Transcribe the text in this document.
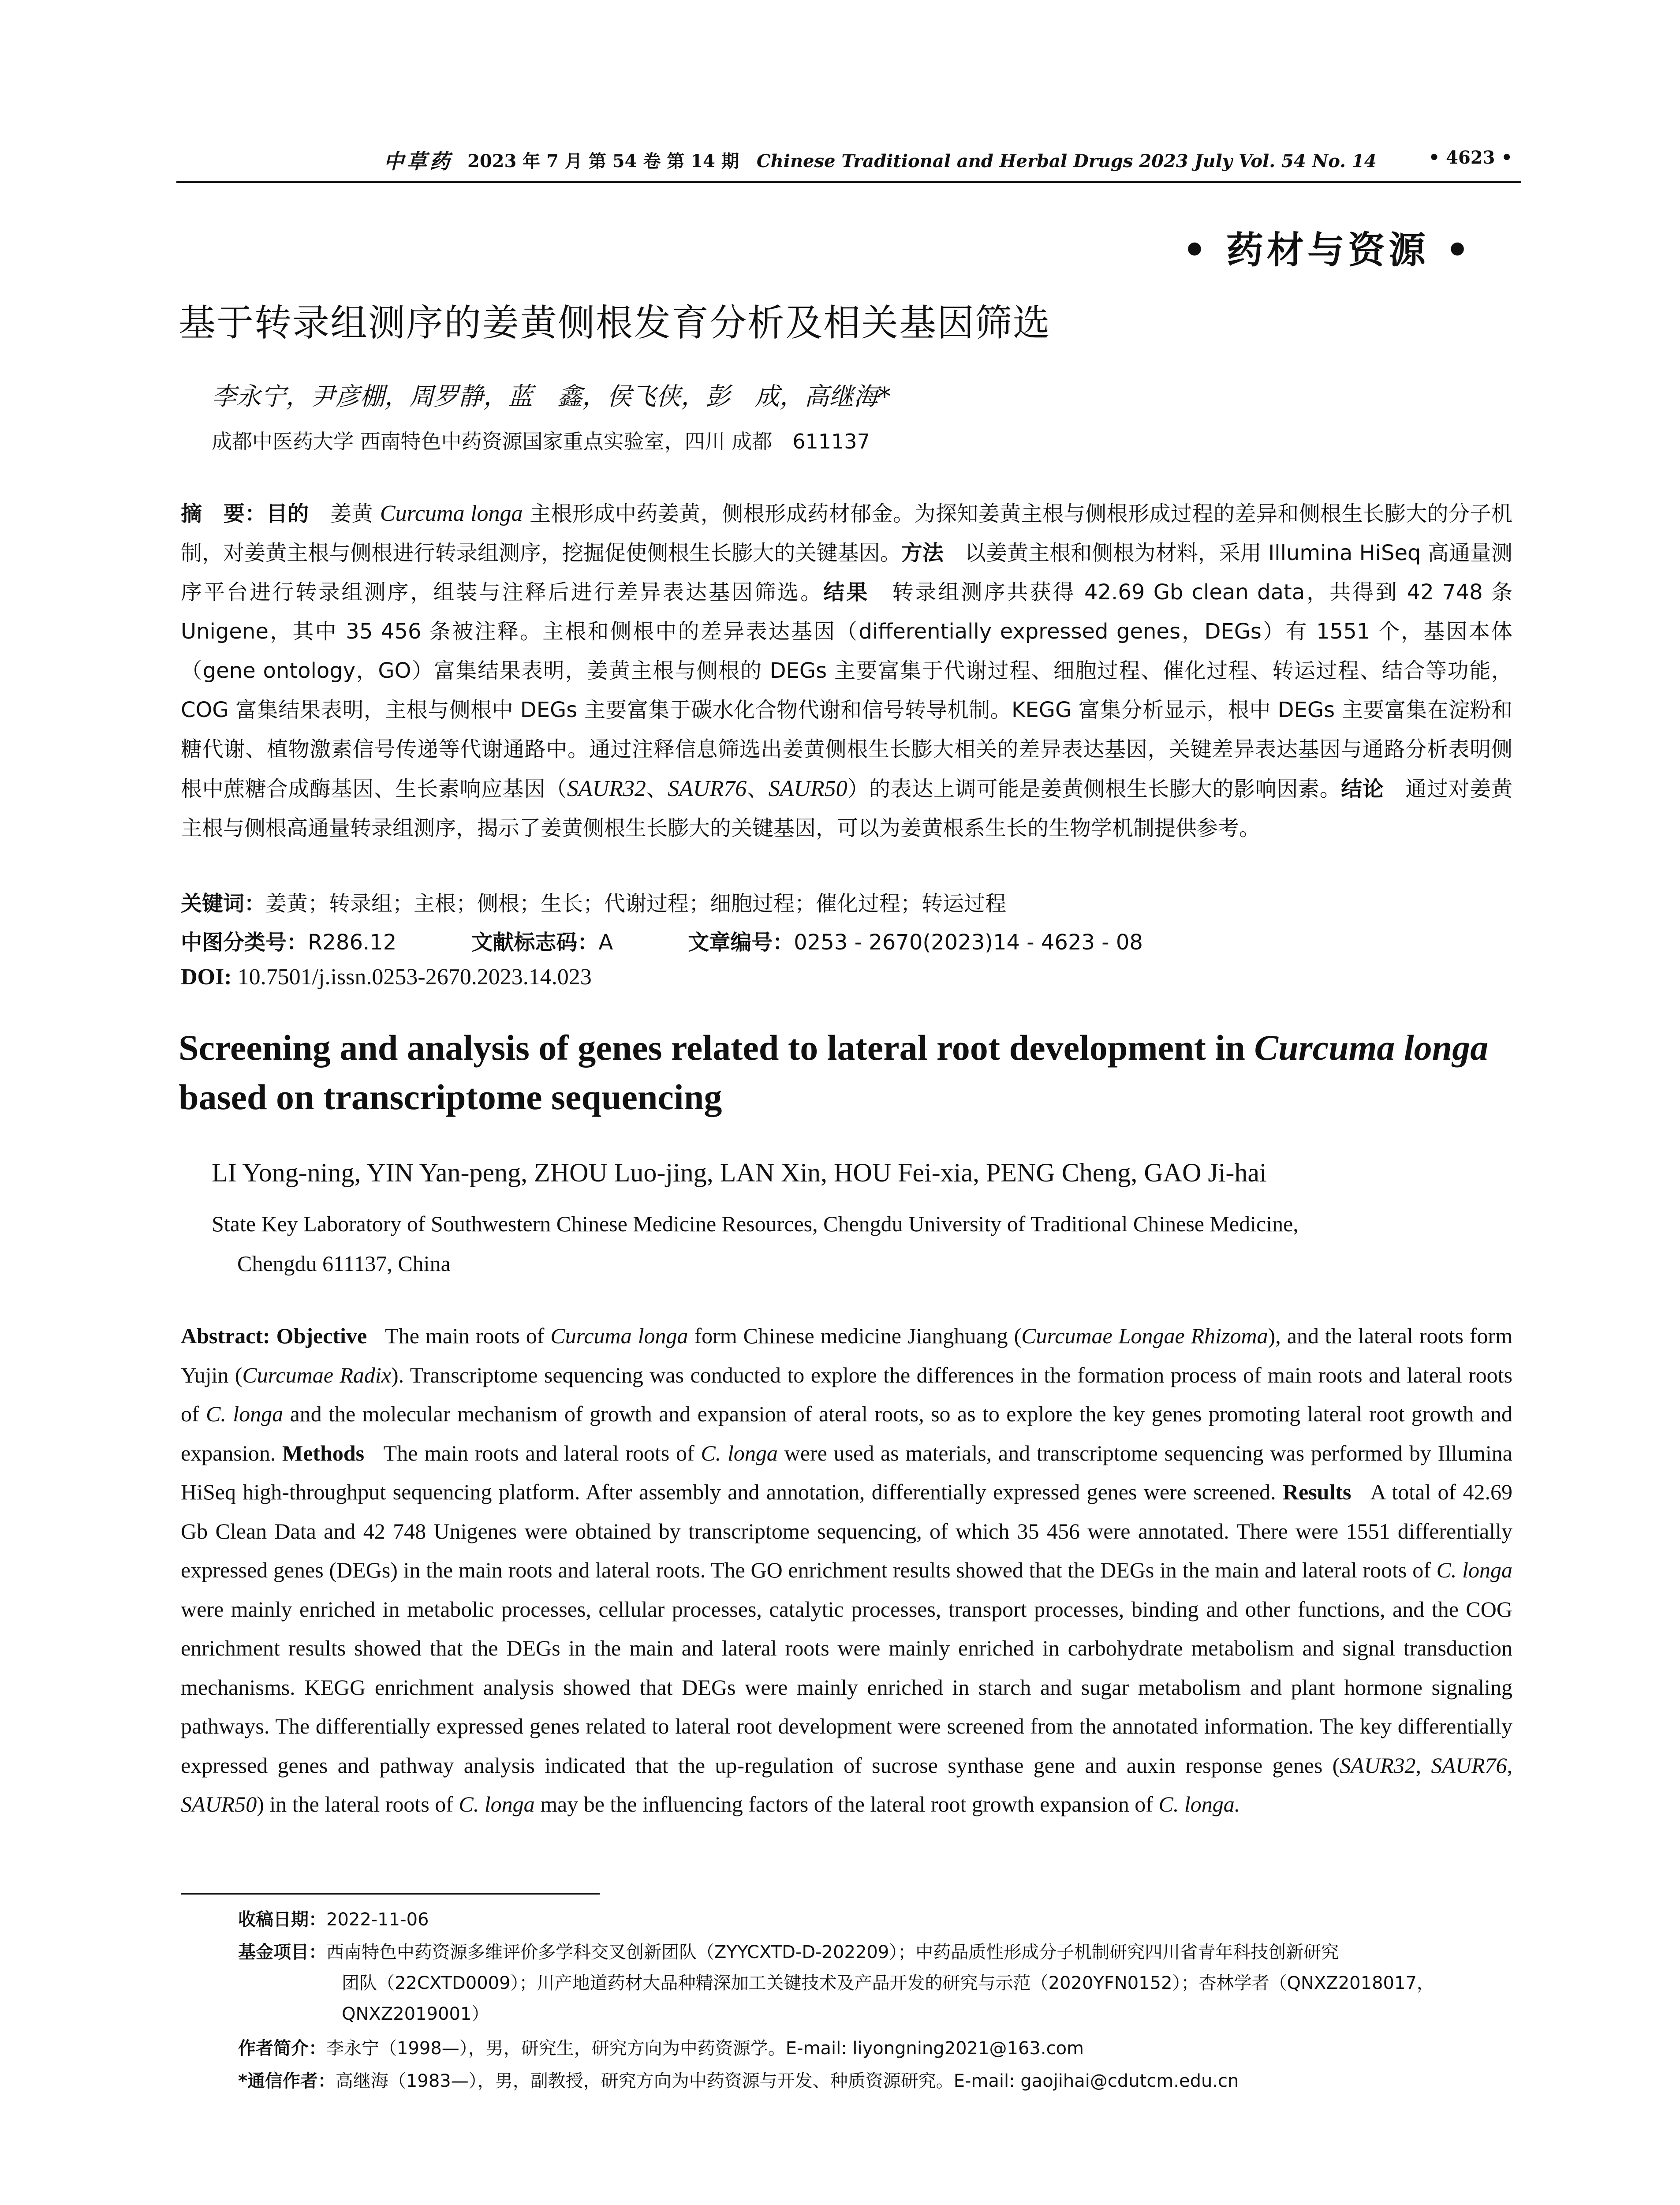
中草药 2023 年 7 月 第 54 卷 第 14 期　 Chinese Traditional and Herbal Drugs 2023 July Vol. 54 No. 14	• 4623 •
• 药材与资源 •
基于转录组测序的姜黄侧根发育分析及相关基因筛选
李永宁，尹彦棚，周罗静，蓝　鑫，侯飞侠，彭　成，高继海*
成都中医药大学 西南特色中药资源国家重点实验室，四川 成都　611137
摘　要：目的　姜黄 Curcuma longa 主根形成中药姜黄，侧根形成药材郁金。为探知姜黄主根与侧根形成过程的差异和侧根生长膨大的分子机制，对姜黄主根与侧根进行转录组测序，挖掘促使侧根生长膨大的关键基因。方法　以姜黄主根和侧根为材料，采用 Illumina HiSeq 高通量测序平台进行转录组测序，组装与注释后进行差异表达基因筛选。结果　转录组测序共获得 42.69 Gb clean data，共得到 42 748 条 Unigene，其中 35 456 条被注释。主根和侧根中的差异表达基因（differentially expressed genes，DEGs）有 1551 个，基因本体（gene ontology，GO）富集结果表明，姜黄主根与侧根的 DEGs 主要富集于代谢过程、细胞过程、催化过程、转运过程、结合等功能，COG 富集结果表明，主根与侧根中 DEGs 主要富集于碳水化合物代谢和信号转导机制。KEGG 富集分析显示，根中 DEGs 主要富集在淀粉和糖代谢、植物激素信号传递等代谢通路中。通过注释信息筛选出姜黄侧根生长膨大相关的差异表达基因，关键差异表达基因与通路分析表明侧根中蔗糖合成酶基因、生长素响应基因（SAUR32、SAUR76、SAUR50）的表达上调可能是姜黄侧根生长膨大的影响因素。结论　通过对姜黄主根与侧根高通量转录组测序，揭示了姜黄侧根生长膨大的关键基因，可以为姜黄根系生长的生物学机制提供参考。
关键词：姜黄；转录组；主根；侧根；生长；代谢过程；细胞过程；催化过程；转运过程
中图分类号：R286.12	文献标志码：A	文章编号：0253 - 2670(2023)14 - 4623 - 08
DOI: 10.7501/j.issn.0253-2670.2023.14.023
Screening and analysis of genes related to lateral root development in Curcuma longa based on transcriptome sequencing
LI Yong-ning, YIN Yan-peng, ZHOU Luo-jing, LAN Xin, HOU Fei-xia, PENG Cheng, GAO Ji-hai
State Key Laboratory of Southwestern Chinese Medicine Resources, Chengdu University of Traditional Chinese Medicine,
Chengdu 611137, China
Abstract: Objective   The main roots of Curcuma longa form Chinese medicine Jianghuang (Curcumae Longae Rhizoma), and the lateral roots form Yujin (Curcumae Radix). Transcriptome sequencing was conducted to explore the differences in the formation process of main roots and lateral roots of C. longa and the molecular mechanism of growth and expansion of ateral roots, so as to explore the key genes promoting lateral root growth and expansion. Methods   The main roots and lateral roots of C. longa were used as materials, and transcriptome sequencing was performed by Illumina HiSeq high-throughput sequencing platform. After assembly and annotation, differentially expressed genes were screened. Results   A total of 42.69 Gb Clean Data and 42 748 Unigenes were obtained by transcriptome sequencing, of which 35 456 were annotated. There were 1551 differentially expressed genes (DEGs) in the main roots and lateral roots. The GO enrichment results showed that the DEGs in the main and lateral roots of C. longa were mainly enriched in metabolic processes, cellular processes, catalytic processes, transport processes, binding and other functions, and the COG enrichment results showed that the DEGs in the main and lateral roots were mainly enriched in carbohydrate metabolism and signal transduction mechanisms. KEGG enrichment analysis showed that DEGs were mainly enriched in starch and sugar metabolism and plant hormone signaling pathways. The differentially expressed genes related to lateral root development were screened from the annotated information. The key differentially expressed genes and pathway analysis indicated that the up-regulation of sucrose synthase gene and auxin response genes (SAUR32, SAUR76, SAUR50) in the lateral roots of C. longa may be the influencing factors of the lateral root growth expansion of C. longa.
收稿日期：2022-11-06
基金项目：西南特色中药资源多维评价多学科交叉创新团队（ZYYCXTD-D-202209）；中药品质性形成分子机制研究四川省青年科技创新研究
团队（22CXTD0009）；川产地道药材大品种精深加工关键技术及产品开发的研究与示范（2020YFN0152）；杏林学者（QNXZ2018017，
QNXZ2019001）
作者简介：李永宁（1998—），男，研究生，研究方向为中药资源学。E-mail: liyongning2021@163.com
*通信作者：高继海（1983—），男，副教授，研究方向为中药资源与开发、种质资源研究。E-mail: gaojihai@cdutcm.edu.cn
